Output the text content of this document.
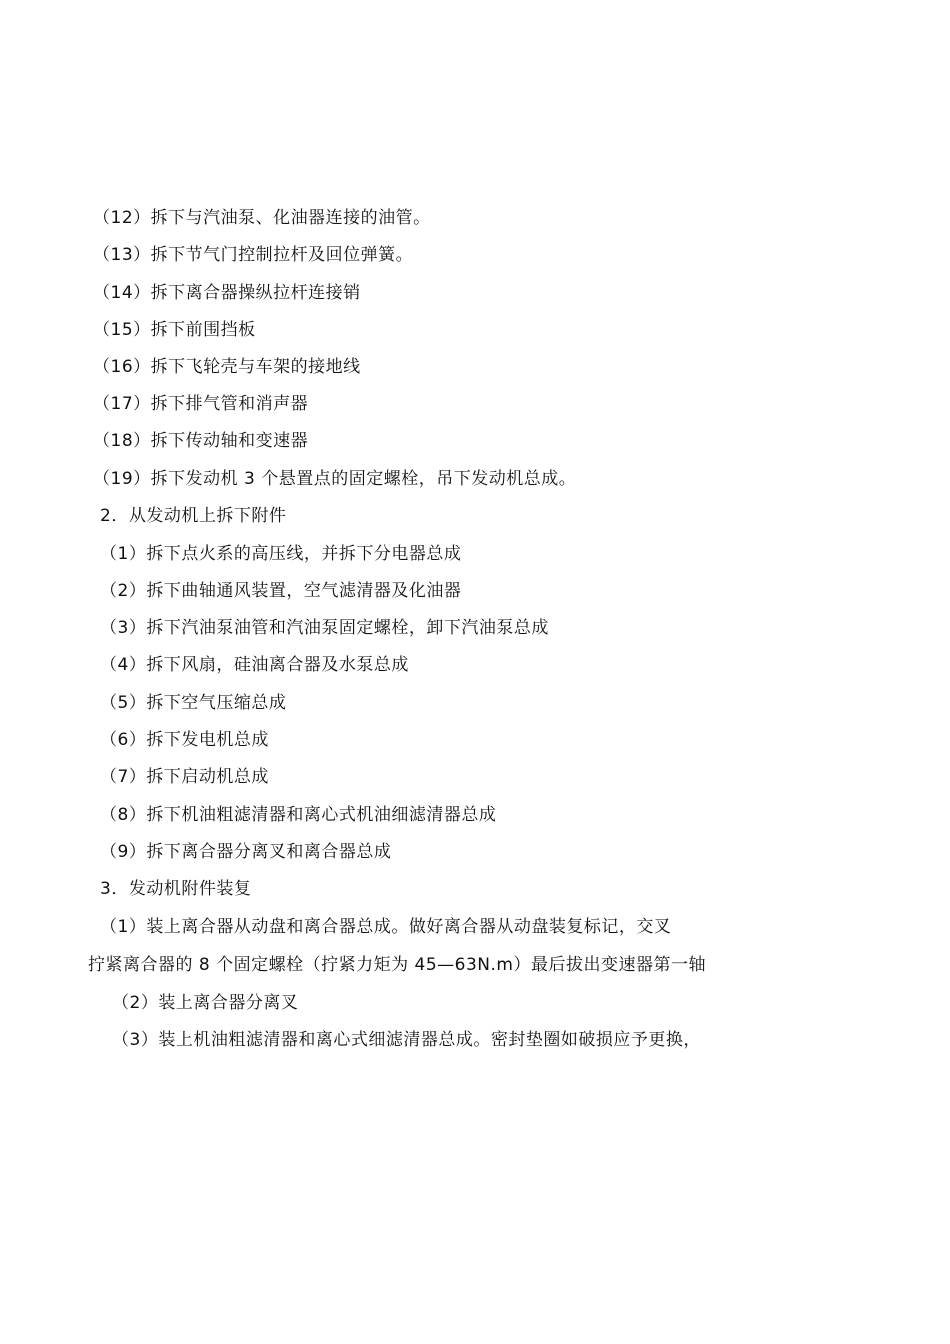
（12）拆下与汽油泵、化油器连接的油管。
（13）拆下节气门控制拉杆及回位弹簧。
（14）拆下离合器操纵拉杆连接销
（15）拆下前围挡板
（16）拆下飞轮壳与车架的接地线
（17）拆下排气管和消声器
（18）拆下传动轴和变速器
（19）拆下发动机 3 个悬置点的固定螺栓，吊下发动机总成。
2．从发动机上拆下附件
（1）拆下点火系的高压线，并拆下分电器总成
（2）拆下曲轴通风装置，空气滤清器及化油器
（3）拆下汽油泵油管和汽油泵固定螺栓，卸下汽油泵总成
（4）拆下风扇，硅油离合器及水泵总成
（5）拆下空气压缩总成
（6）拆下发电机总成
（7）拆下启动机总成
（8）拆下机油粗滤清器和离心式机油细滤清器总成
（9）拆下离合器分离叉和离合器总成
3．发动机附件装复
（1）装上离合器从动盘和离合器总成。做好离合器从动盘装复标记，交叉
拧紧离合器的 8 个固定螺栓（拧紧力矩为 45—63N.m）最后拔出变速器第一轴
（2）装上离合器分离叉
（3）装上机油粗滤清器和离心式细滤清器总成。密封垫圈如破损应予更换，
